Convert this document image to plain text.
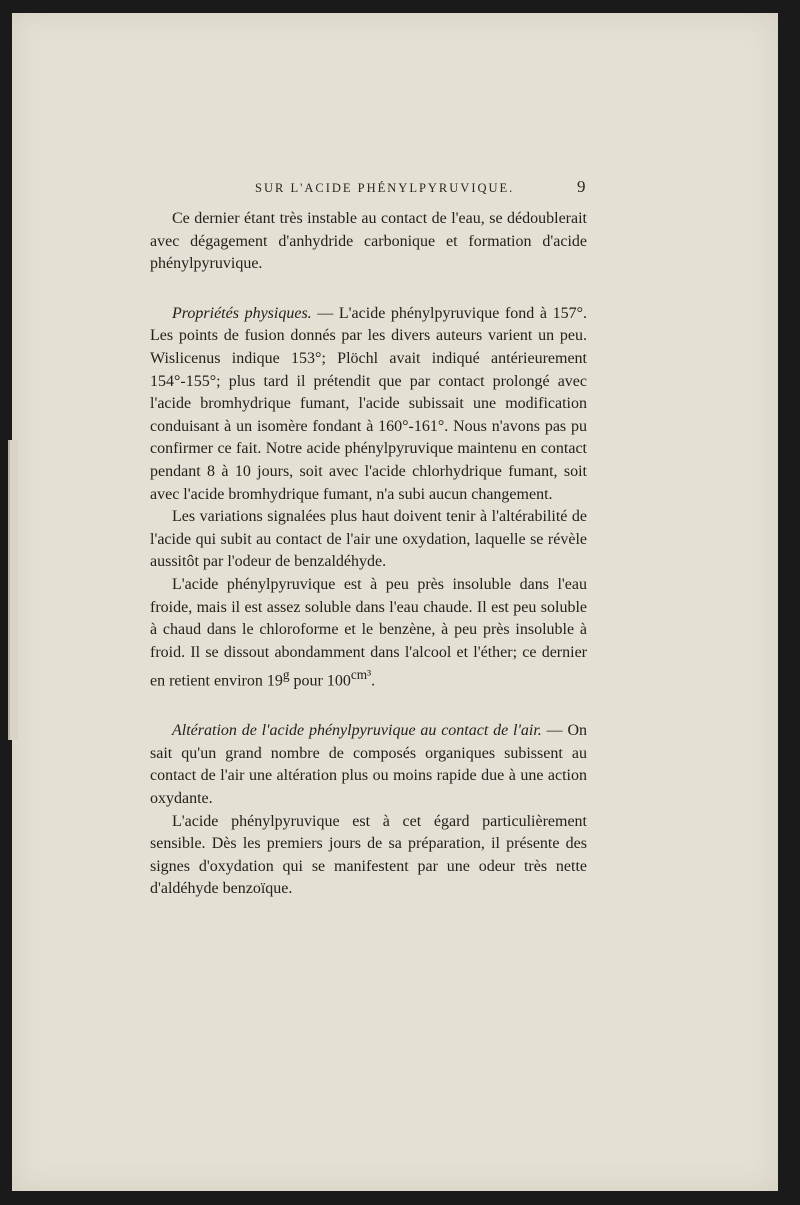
SUR L'ACIDE PHÉNYLPYRUVIQUE.	9

Ce dernier étant très instable au contact de l'eau, se dédoublerait avec dégagement d'anhydride carbonique et formation d'acide phénylpyruvique.

Propriétés physiques. — L'acide phénylpyruvique fond à 157°. Les points de fusion donnés par les divers auteurs varient un peu. Wislicenus indique 153°; Plöchl avait indiqué antérieurement 154°-155°; plus tard il prétendit que par contact prolongé avec l'acide bromhydrique fumant, l'acide subissait une modification conduisant à un isomère fondant à 160°-161°. Nous n'avons pas pu confirmer ce fait. Notre acide phénylpyruvique maintenu en contact pendant 8 à 10 jours, soit avec l'acide chlorhydrique fumant, soit avec l'acide bromhydrique fumant, n'a subi aucun changement.

Les variations signalées plus haut doivent tenir à l'altérabilité de l'acide qui subit au contact de l'air une oxydation, laquelle se révèle aussitôt par l'odeur de benzaldéhyde.

L'acide phénylpyruvique est à peu près insoluble dans l'eau froide, mais il est assez soluble dans l'eau chaude. Il est peu soluble à chaud dans le chloroforme et le benzène, à peu près insoluble à froid. Il se dissout abondamment dans l'alcool et l'éther; ce dernier en retient environ 19$^g$ pour $100^{cm^3}$.

Altération de l'acide phénylpyruvique au contact de l'air. — On sait qu'un grand nombre de composés organiques subissent au contact de l'air une altération plus ou moins rapide due à une action oxydante.

L'acide phénylpyruvique est à cet égard particulièrement sensible. Dès les premiers jours de sa préparation, il présente des signes d'oxydation qui se manifestent par une odeur très nette d'aldéhyde benzoïque.
